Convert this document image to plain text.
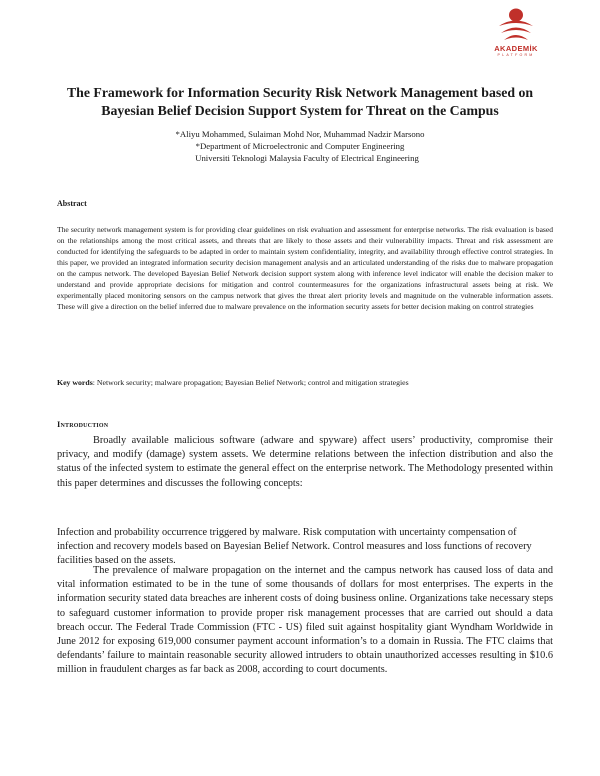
AKADEMİK
PLATFORM
The Framework for Information Security Risk Network Management based on
Bayesian Belief Decision Support System for Threat on the Campus
*Aliyu Mohammed, Sulaiman Mohd Nor, Muhammad Nadzir Marsono
*Department of Microelectronic and Computer Engineering
Universiti Teknologi Malaysia Faculty of Electrical Engineering
Abstract
The security network management system is for providing clear guidelines on risk evaluation and assessment for enterprise networks. The risk evaluation is based on the relationships among the most critical assets, and threats that are likely to those assets and their vulnerability impacts. Threat and risk assessment are conducted for identifying the safeguards to be adapted in order to maintain system confidentiality, integrity, and availability through effective control strategies. In this paper, we provided an integrated information security decision management analysis and an articulated understanding of the risks due to malware propagation on the campus network. The developed Bayesian Belief Network decision support system along with inference level indicator will enable the decision maker to understand and provide appropriate decisions for mitigation and control countermeasures for the organizations infrastructural assets being at risk. We experimentally placed monitoring sensors on the campus network that gives the threat alert priority levels and magnitude on the vulnerable information assets. These will give a direction on the belief inferred due to malware prevalence on the information security assets for better decision making on control strategies
Key words: Network security; malware propagation; Bayesian Belief Network; control and mitigation strategies
Introduction
Broadly available malicious software (adware and spyware) affect users’ productivity, compromise their privacy, and modify (damage) system assets. We determine relations between the infection distribution and also the status of the infected system to estimate the general effect on the enterprise network. The Methodology presented within this paper determines and discusses the following concepts:
Infection and probability occurrence triggered by malware. Risk computation with uncertainty compensation of infection and recovery models based on Bayesian Belief Network. Control measures and loss functions of recovery facilities based on the assets.
The prevalence of malware propagation on the internet and the campus network has caused loss of data and vital information estimated to be in the tune of some thousands of dollars for most enterprises. The experts in the information security stated data breaches are inherent costs of doing business online. Organizations take necessary steps to safeguard customer information to provide proper risk management processes that are carried out should a data breach occur. The Federal Trade Commission (FTC - US) filed suit against hospitality giant Wyndham Worldwide in June 2012 for exposing 619,000 consumer payment account information’s to a domain in Russia. The FTC claims that defendants’ failure to maintain reasonable security allowed intruders to obtain unauthorized accesses resulting in $10.6 million in fraudulent charges as far back as 2008, according to court documents.
